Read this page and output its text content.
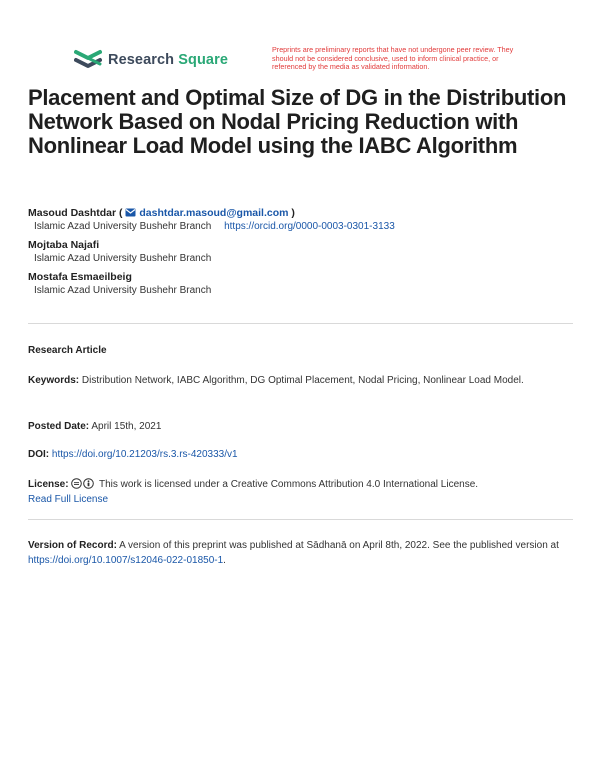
Research Square
Preprints are preliminary reports that have not undergone peer review. They should not be considered conclusive, used to inform clinical practice, or referenced by the media as validated information.
Placement and Optimal Size of DG in the Distribution Network Based on Nodal Pricing Reduction with Nonlinear Load Model using the IABC Algorithm
Masoud Dashtdar (  dashtdar.masoud@gmail.com )
Islamic Azad University Bushehr Branch https://orcid.org/0000-0003-0301-3133
Mojtaba Najafi
Islamic Azad University Bushehr Branch
Mostafa Esmaeilbeig
Islamic Azad University Bushehr Branch
Research Article
Keywords: Distribution Network, IABC Algorithm, DG Optimal Placement, Nodal Pricing, Nonlinear Load Model.
Posted Date: April 15th, 2021
DOI: https://doi.org/10.21203/rs.3.rs-420333/v1
License:	This work is licensed under a Creative Commons Attribution 4.0 International License.
Read Full License
Version of Record: A version of this preprint was published at Sādhanā on April 8th, 2022. See the published version at https://doi.org/10.1007/s12046-022-01850-1.
